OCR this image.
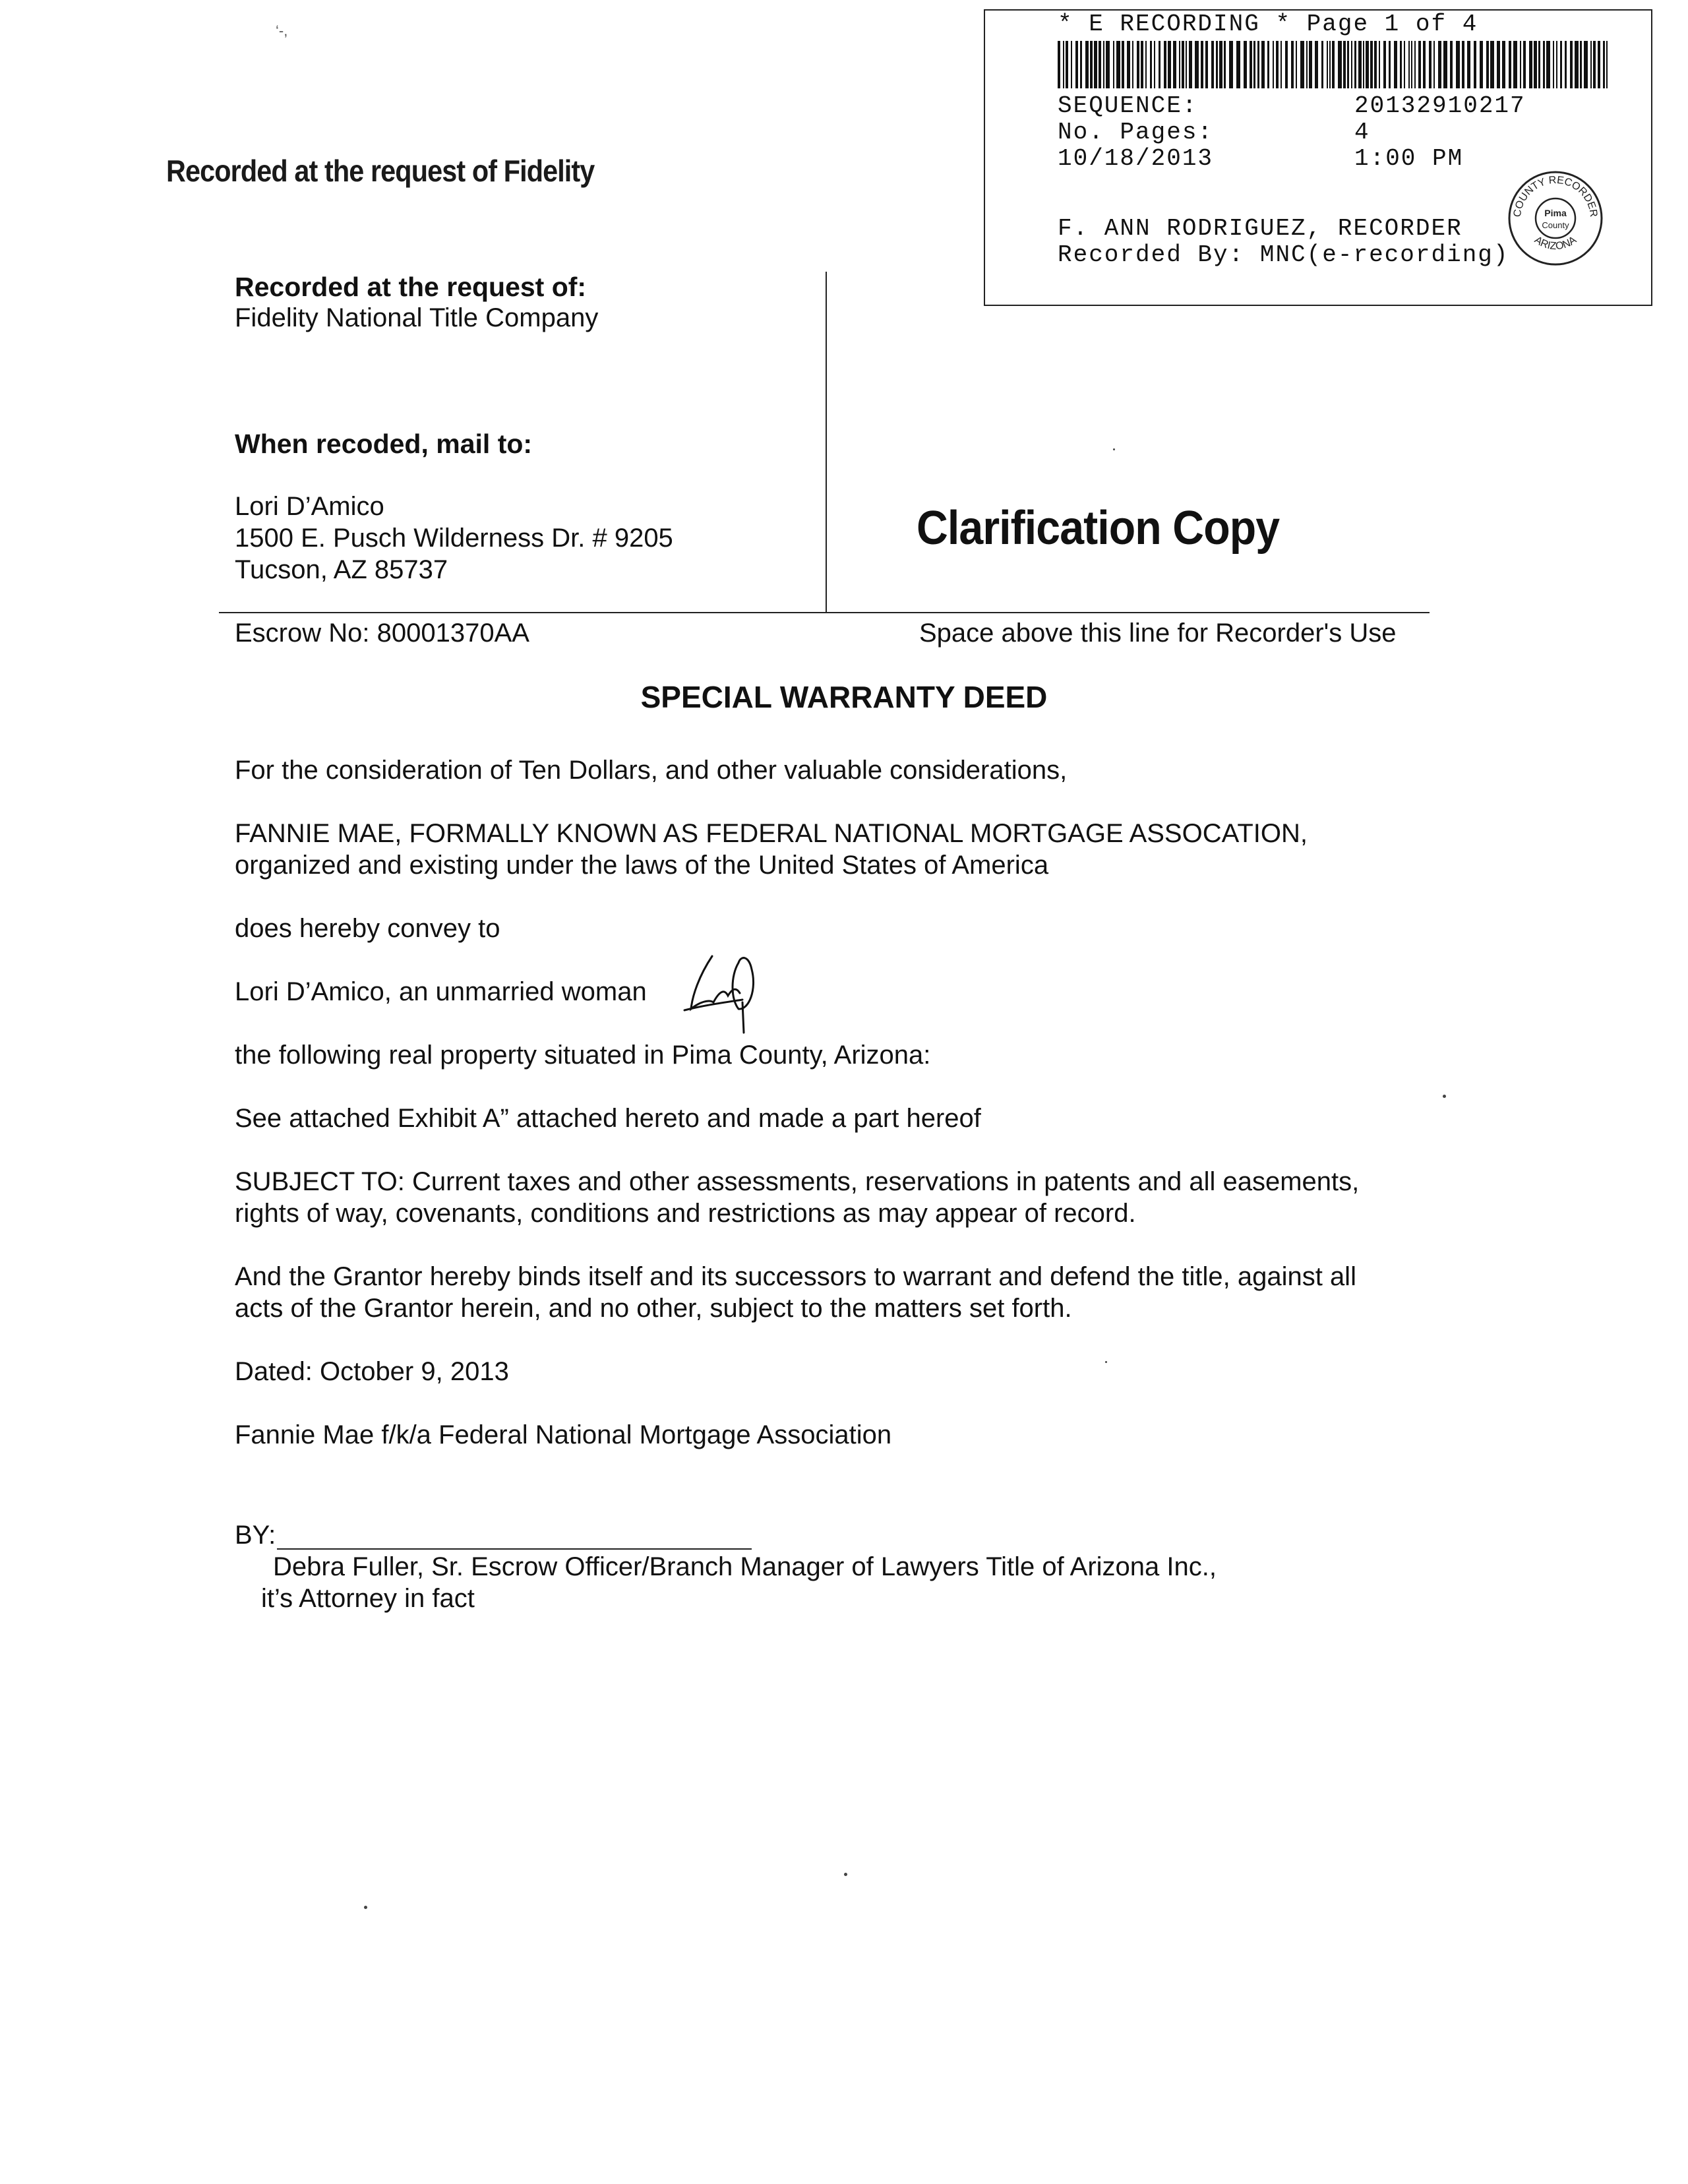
‘-,
Recorded at the request of Fidelity
* E RECORDING * Page 1 of 4
SEQUENCE:	20132910217
No. Pages:	4
10/18/2013	1:00 PM
F. ANN RODRIGUEZ, RECORDER
Recorded By: MNC(e-recording)
COUNTY RECORDER
ARIZONA
Pima
County
Recorded at the request of:
Fidelity National Title Company
When recoded, mail to:
Lori D’Amico
1500 E. Pusch Wilderness Dr. # 9205
Tucson, AZ 85737
Clarification Copy
Escrow No: 80001370AA	Space above this line for Recorder's Use
SPECIAL WARRANTY DEED
For the consideration of Ten Dollars, and other valuable considerations,
FANNIE MAE, FORMALLY KNOWN AS FEDERAL NATIONAL MORTGAGE ASSOCATION,
organized and existing under the laws of the United States of America
does hereby convey to
Lori D’Amico, an unmarried woman
the following real property situated in Pima County, Arizona:
See attached Exhibit A” attached hereto and made a part hereof
SUBJECT TO: Current taxes and other assessments, reservations in patents and all easements,
rights of way, covenants, conditions and restrictions as may appear of record.
And the Grantor hereby binds itself and its successors to warrant and defend the title, against all
acts of the Grantor herein, and no other, subject to the matters set forth.
Dated: October 9, 2013
Fannie Mae f/k/a Federal National Mortgage Association
BY:
Debra Fuller, Sr. Escrow Officer/Branch Manager of Lawyers Title of Arizona Inc.,
it’s Attorney in fact
